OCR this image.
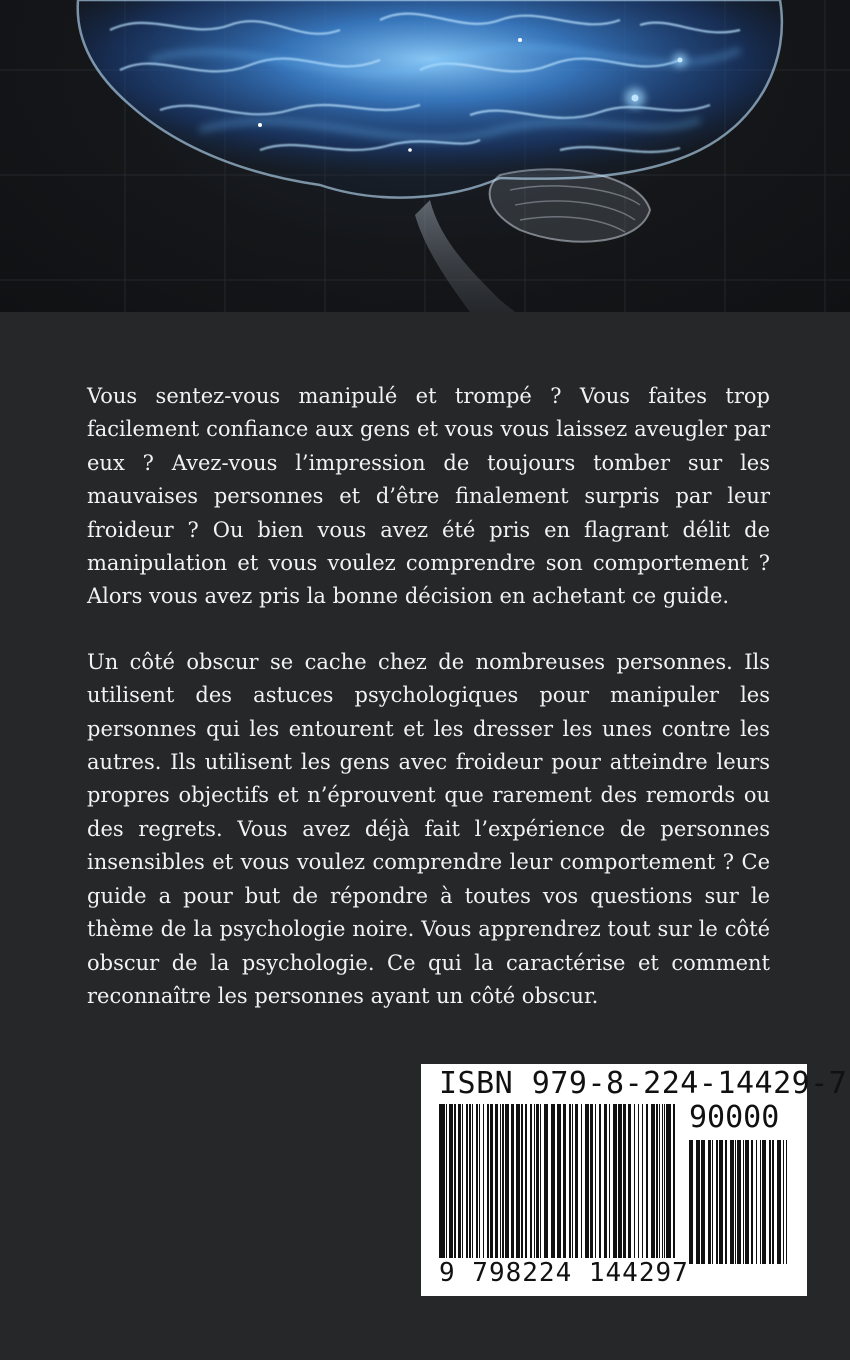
Vous sentez-vous manipulé et trompé ? Vous faites trop facilement confiance aux gens et vous vous laissez aveugler par eux ? Avez-vous l’impression de toujours tomber sur les mauvaises personnes et d’être finalement surpris par leur froideur ? Ou bien vous avez été pris en flagrant délit de manipulation et vous voulez comprendre son comportement ? Alors vous avez pris la bonne décision en achetant ce guide.

Un côté obscur se cache chez de nombreuses personnes. Ils utilisent des astuces psychologiques pour manipuler les personnes qui les entourent et les dresser les unes contre les autres. Ils utilisent les gens avec froideur pour atteindre leurs propres objectifs et n’éprouvent que rarement des remords ou des regrets. Vous avez déjà fait l’expérience de personnes insensibles et vous voulez comprendre leur comportement ? Ce guide a pour but de répondre à toutes vos questions sur le thème de la psychologie noire. Vous apprendrez tout sur le côté obscur de la psychologie. Ce qui la caractérise et comment reconnaître les personnes ayant un côté obscur.

ISBN 979-8-224-14429-7
90000
9 798224 144297
